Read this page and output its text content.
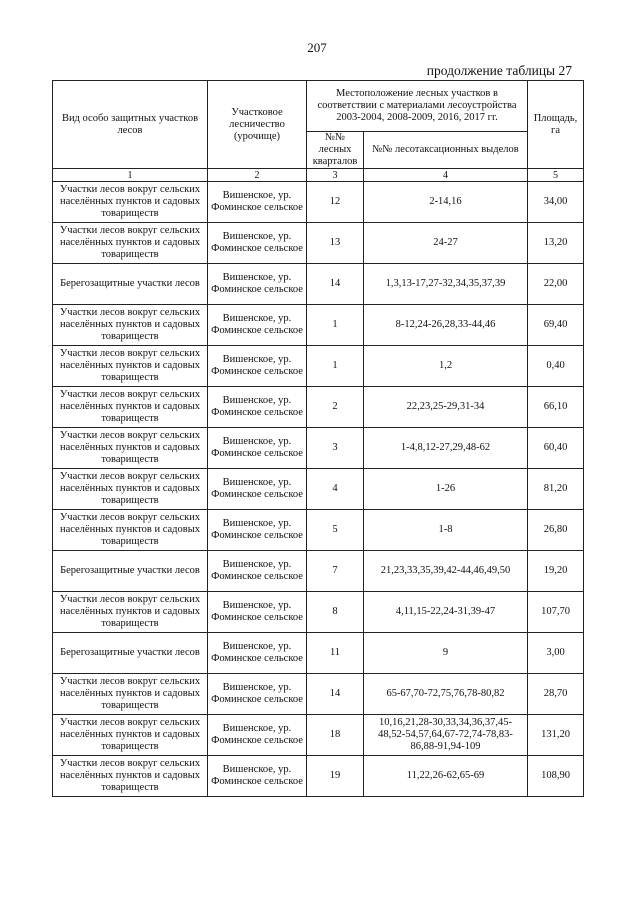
207
продолжение таблицы 27
Вид особо защитных участков лесов	Участковое лесничество (урочище)	Местоположение лесных участков в соответствии с материалами лесоустройства 2003-2004, 2008-2009, 2016, 2017 гг.		Площадь, га
		№№ лесных кварталов	№№ лесотаксационных выделов	
1	2	3	4	5
Участки лесов вокруг сельских населённых пунктов и садовых товариществ	Вишенское, ур. Фоминское сельское	12	2-14,16	34,00
Участки лесов вокруг сельских населённых пунктов и садовых товариществ	Вишенское, ур. Фоминское сельское	13	24-27	13,20
Берегозащитные участки лесов	Вишенское, ур. Фоминское сельское	14	1,3,13-17,27-32,34,35,37,39	22,00
Участки лесов вокруг сельских населённых пунктов и садовых товариществ	Вишенское, ур. Фоминское сельское	1	8-12,24-26,28,33-44,46	69,40
Участки лесов вокруг сельских населённых пунктов и садовых товариществ	Вишенское, ур. Фоминское сельское	1	1,2	0,40
Участки лесов вокруг сельских населённых пунктов и садовых товариществ	Вишенское, ур. Фоминское сельское	2	22,23,25-29,31-34	66,10
Участки лесов вокруг сельских населённых пунктов и садовых товариществ	Вишенское, ур. Фоминское сельское	3	1-4,8,12-27,29,48-62	60,40
Участки лесов вокруг сельских населённых пунктов и садовых товариществ	Вишенское, ур. Фоминское сельское	4	1-26	81,20
Участки лесов вокруг сельских населённых пунктов и садовых товариществ	Вишенское, ур. Фоминское сельское	5	1-8	26,80
Берегозащитные участки лесов	Вишенское, ур. Фоминское сельское	7	21,23,33,35,39,42-44,46,49,50	19,20
Участки лесов вокруг сельских населённых пунктов и садовых товариществ	Вишенское, ур. Фоминское сельское	8	4,11,15-22,24-31,39-47	107,70
Берегозащитные участки лесов	Вишенское, ур. Фоминское сельское	11	9	3,00
Участки лесов вокруг сельских населённых пунктов и садовых товариществ	Вишенское, ур. Фоминское сельское	14	65-67,70-72,75,76,78-80,82	28,70
Участки лесов вокруг сельских населённых пунктов и садовых товариществ	Вишенское, ур. Фоминское сельское	18	10,16,21,28-30,33,34,36,37,45-48,52-54,57,64,67-72,74-78,83-86,88-91,94-109	131,20
Участки лесов вокруг сельских населённых пунктов и садовых товариществ	Вишенское, ур. Фоминское сельское	19	11,22,26-62,65-69	108,90
